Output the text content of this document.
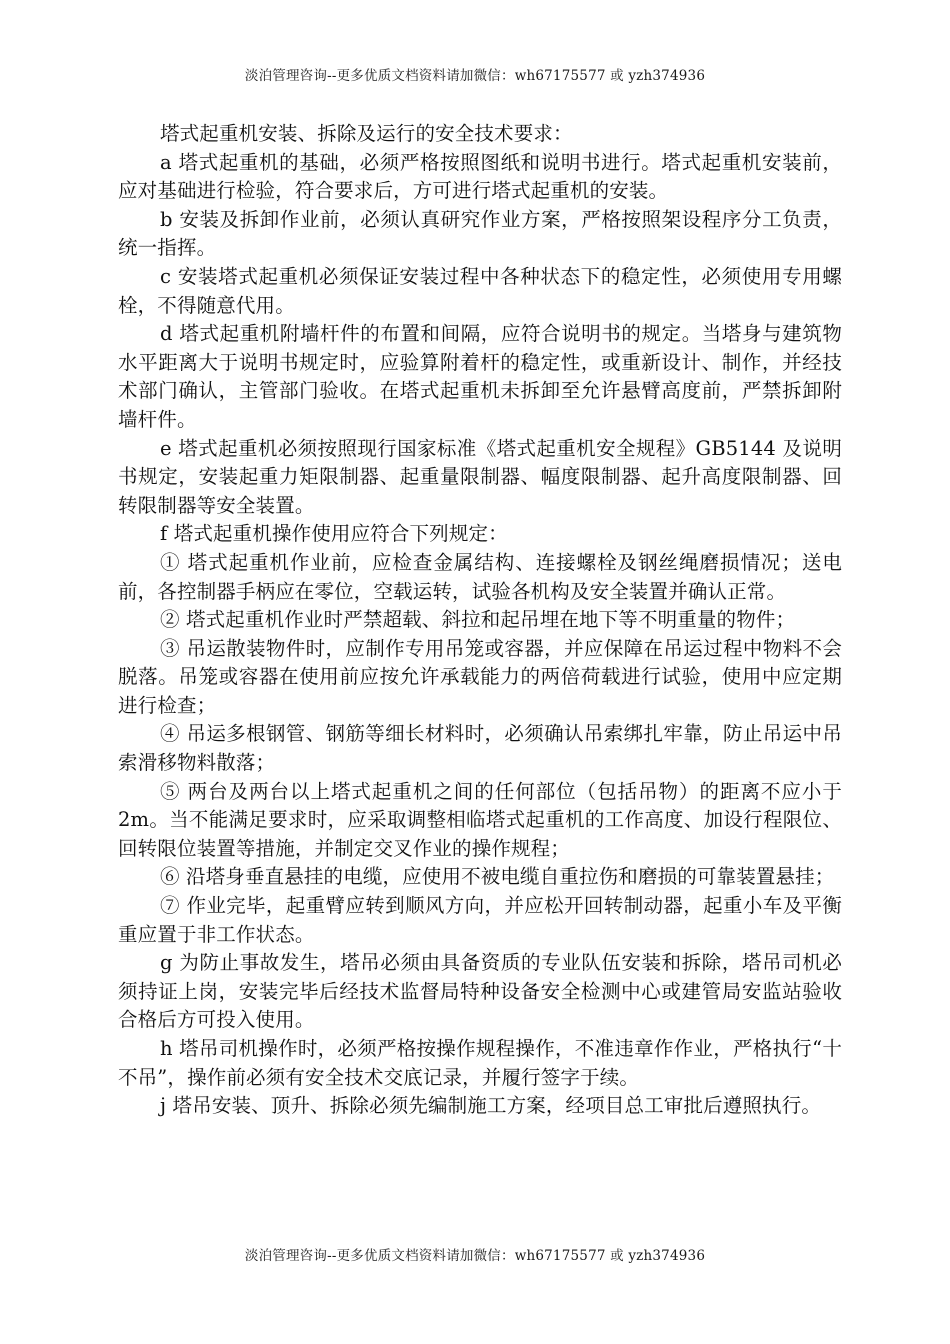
淡泊管理咨询--更多优质文档资料请加微信：wh67175577 或 yzh374936

塔式起重机安装、拆除及运行的安全技术要求：

a 塔式起重机的基础，必须严格按照图纸和说明书进行。塔式起重机安装前，应对基础进行检验，符合要求后，方可进行塔式起重机的安装。

b 安装及拆卸作业前，必须认真研究作业方案，严格按照架设程序分工负责，统一指挥。

c 安装塔式起重机必须保证安装过程中各种状态下的稳定性，必须使用专用螺栓，不得随意代用。

d 塔式起重机附墙杆件的布置和间隔，应符合说明书的规定。当塔身与建筑物水平距离大于说明书规定时，应验算附着杆的稳定性，或重新设计、制作，并经技术部门确认，主管部门验收。在塔式起重机未拆卸至允许悬臂高度前，严禁拆卸附墙杆件。

e 塔式起重机必须按照现行国家标准《塔式起重机安全规程》GB5144 及说明书规定，安装起重力矩限制器、起重量限制器、幅度限制器、起升高度限制器、回转限制器等安全装置。

f 塔式起重机操作使用应符合下列规定：

① 塔式起重机作业前，应检查金属结构、连接螺栓及钢丝绳磨损情况；送电前，各控制器手柄应在零位，空载运转，试验各机构及安全装置并确认正常。

② 塔式起重机作业时严禁超载、斜拉和起吊埋在地下等不明重量的物件；

③ 吊运散装物件时，应制作专用吊笼或容器，并应保障在吊运过程中物料不会脱落。吊笼或容器在使用前应按允许承载能力的两倍荷载进行试验，使用中应定期进行检查；

④ 吊运多根钢管、钢筋等细长材料时，必须确认吊索绑扎牢靠，防止吊运中吊索滑移物料散落；

⑤ 两台及两台以上塔式起重机之间的任何部位（包括吊物）的距离不应小于 2m。当不能满足要求时，应采取调整相临塔式起重机的工作高度、加设行程限位、回转限位装置等措施，并制定交叉作业的操作规程；

⑥ 沿塔身垂直悬挂的电缆，应使用不被电缆自重拉伤和磨损的可靠装置悬挂；

⑦ 作业完毕，起重臂应转到顺风方向，并应松开回转制动器，起重小车及平衡重应置于非工作状态。

g 为防止事故发生，塔吊必须由具备资质的专业队伍安装和拆除，塔吊司机必须持证上岗，安装完毕后经技术监督局特种设备安全检测中心或建管局安监站验收合格后方可投入使用。

h 塔吊司机操作时，必须严格按操作规程操作，不准违章作作业，严格执行“十不吊”，操作前必须有安全技术交底记录，并履行签字于续。

j 塔吊安装、顶升、拆除必须先编制施工方案，经项目总工审批后遵照执行。

淡泊管理咨询--更多优质文档资料请加微信：wh67175577 或 yzh374936
